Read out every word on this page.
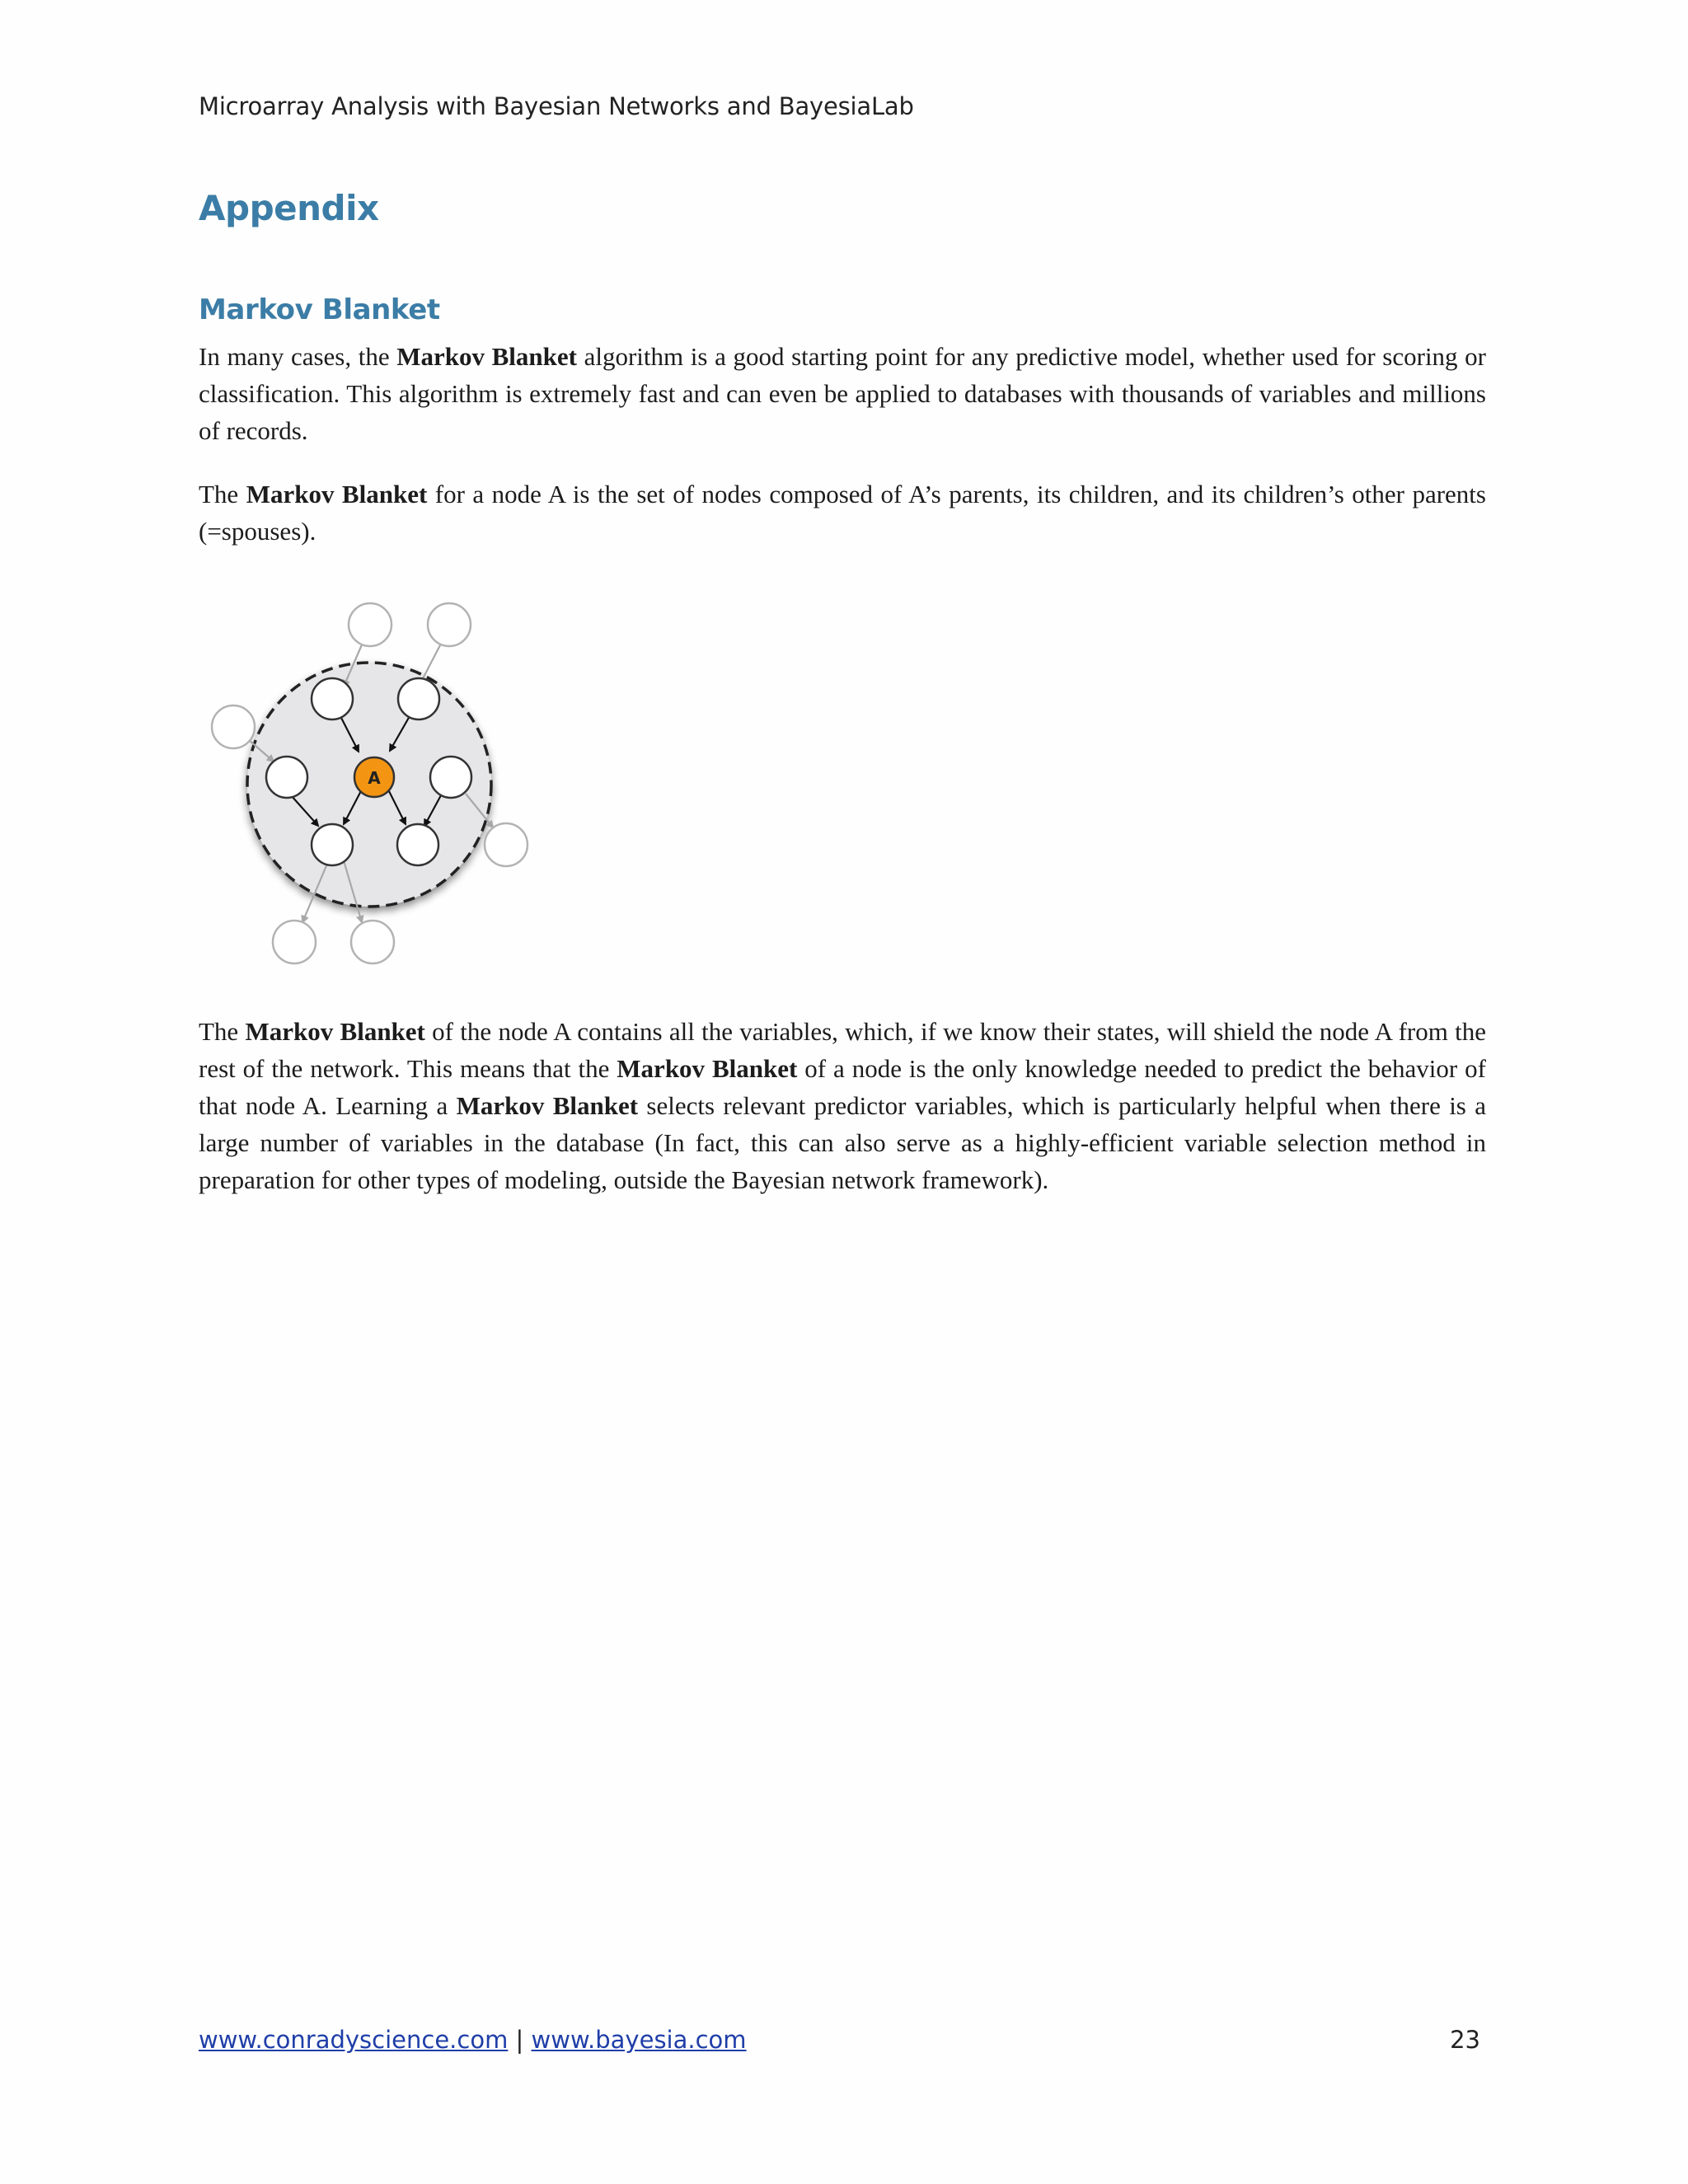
Microarray Analysis with Bayesian Networks and BayesiaLab
Appendix
Markov Blanket

In many cases, the Markov Blanket algorithm is a good starting point for any predictive model, whether used for scoring or classification. This algorithm is extremely fast and can even be applied to databases with thousands of variables and millions of records.

The Markov Blanket for a node A is the set of nodes composed of A’s parents, its children, and its children’s other parents (=spouses).

A

The Markov Blanket of the node A contains all the variables, which, if we know their states, will shield the node A from the rest of the network. This means that the Markov Blanket of a node is the only knowledge needed to predict the behavior of that node A. Learning a Markov Blanket selects relevant predictor variables, which is particularly helpful when there is a large number of variables in the database (In fact, this can also serve as a highly-efficient variable selection method in preparation for other types of modeling, outside the Bayesian network framework).

www.conradyscience.com | www.bayesia.com	23
